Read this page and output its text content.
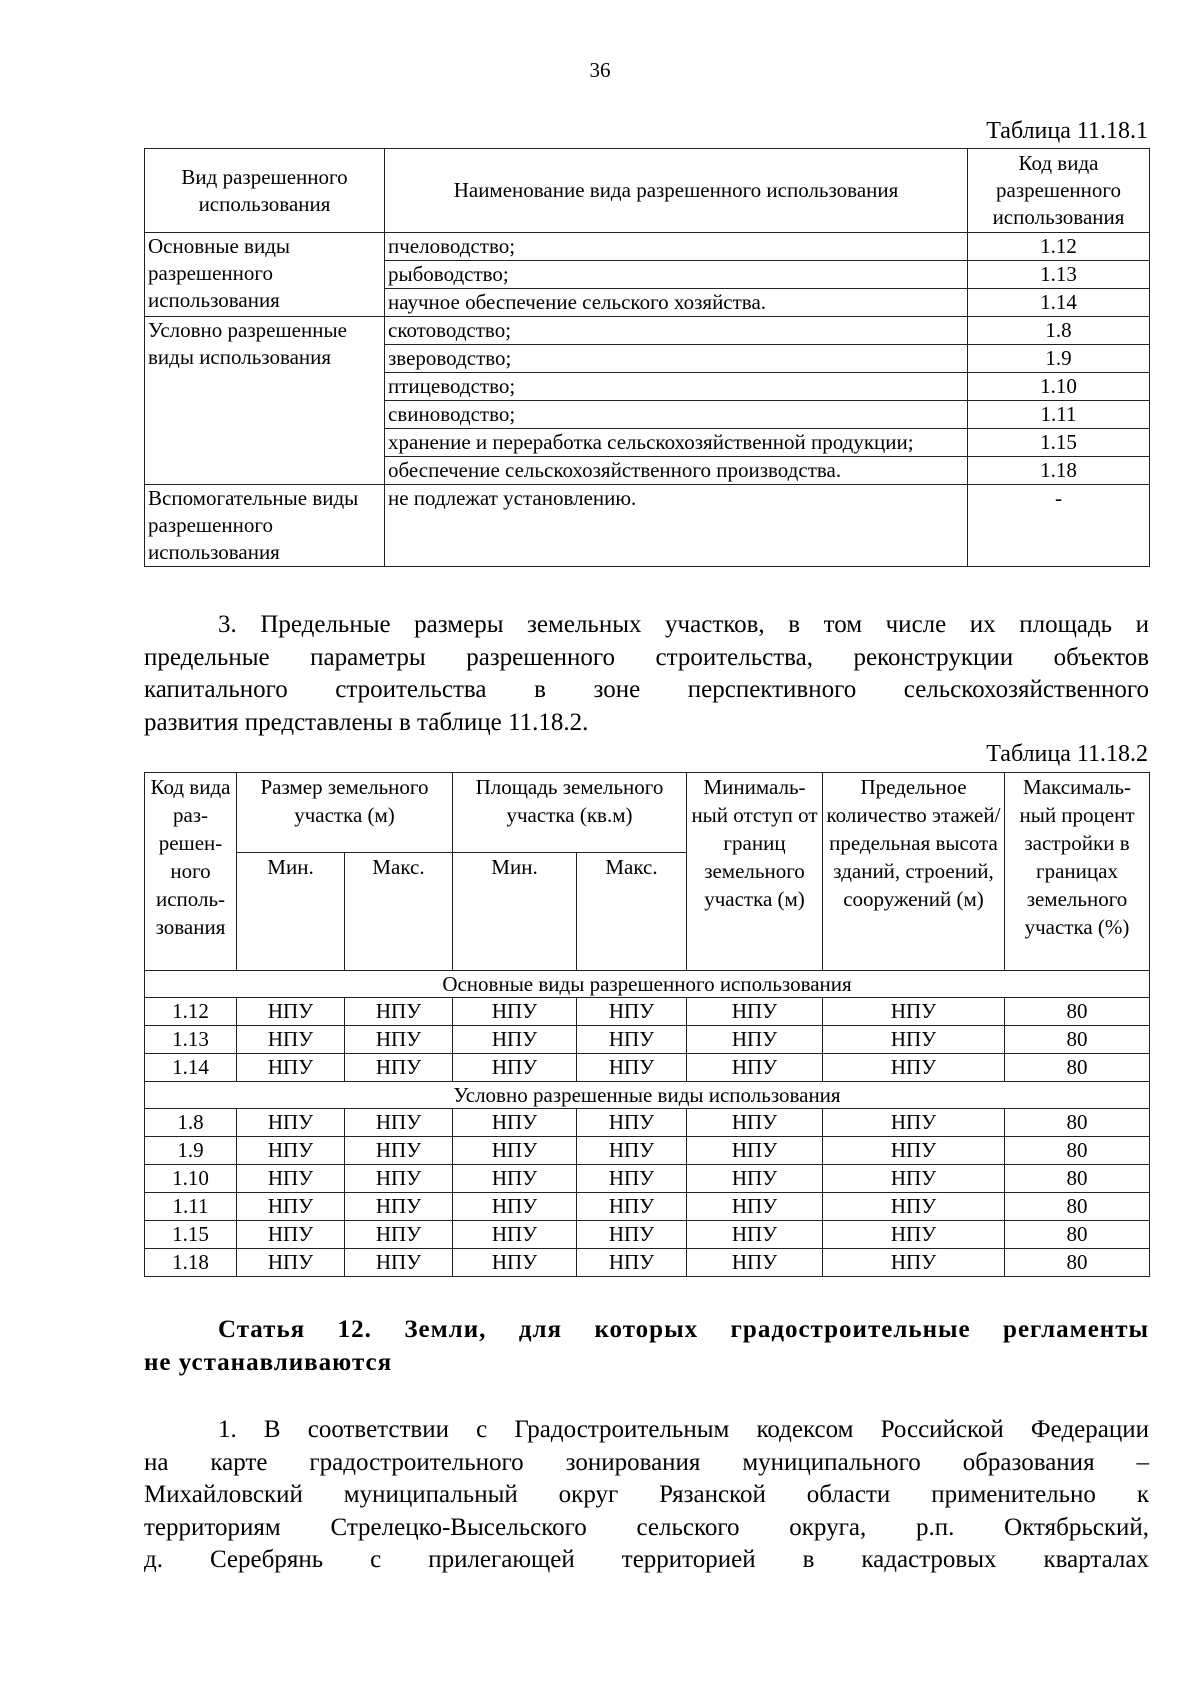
36
Таблица 11.18.1
Вид разрешенного использования	Наименование вида разрешенного использования	Код вида разрешенного использования
Основные виды разрешенного использования	пчеловодство;	1.12
	рыбоводство;	1.13
	научное обеспечение сельского хозяйства.	1.14
Условно разрешенные виды использования	скотоводство;	1.8
	звероводство;	1.9
	птицеводство;	1.10
	свиноводство;	1.11
	хранение и переработка сельскохозяйственной продукции;	1.15
	обеспечение сельскохозяйственного производства.	1.18
Вспомогательные виды разрешенного использования	не подлежат установлению.	-
3. Предельные размеры земельных участков, в том числе их площадь и
предельные параметры разрешенного строительства, реконструкции объектов
капитального строительства в зоне перспективного сельскохозяйственного
развития представлены в таблице 11.18.2.
Таблица 11.18.2
Код вида раз-решен-ного исполь-зования	Размер земельного участка (м)		Площадь земельного участка (кв.м)		Минималь-ный отступ от границ земельного участка (м)	Предельное количество этажей/ предельная высота зданий, строений, сооружений (м)	Максималь-ный процент застройки в границах земельного участка (%)
	Мин.	Макс.	Мин.	Макс.			
Основные виды разрешенного использования							
1.12	НПУ	НПУ	НПУ	НПУ	НПУ	НПУ	80
1.13	НПУ	НПУ	НПУ	НПУ	НПУ	НПУ	80
1.14	НПУ	НПУ	НПУ	НПУ	НПУ	НПУ	80
Условно разрешенные виды использования							
1.8	НПУ	НПУ	НПУ	НПУ	НПУ	НПУ	80
1.9	НПУ	НПУ	НПУ	НПУ	НПУ	НПУ	80
1.10	НПУ	НПУ	НПУ	НПУ	НПУ	НПУ	80
1.11	НПУ	НПУ	НПУ	НПУ	НПУ	НПУ	80
1.15	НПУ	НПУ	НПУ	НПУ	НПУ	НПУ	80
1.18	НПУ	НПУ	НПУ	НПУ	НПУ	НПУ	80
Статья 12. Земли, для которых градостроительные регламенты
не устанавливаются
1. В соответствии с Градостроительным кодексом Российской Федерации
на карте градостроительного зонирования муниципального образования –
Михайловский муниципальный округ Рязанской области применительно к
территориям Стрелецко-Высельского сельского округа, р.п. Октябрьский,
д. Серебрянь с прилегающей территорией в кадастровых кварталах
